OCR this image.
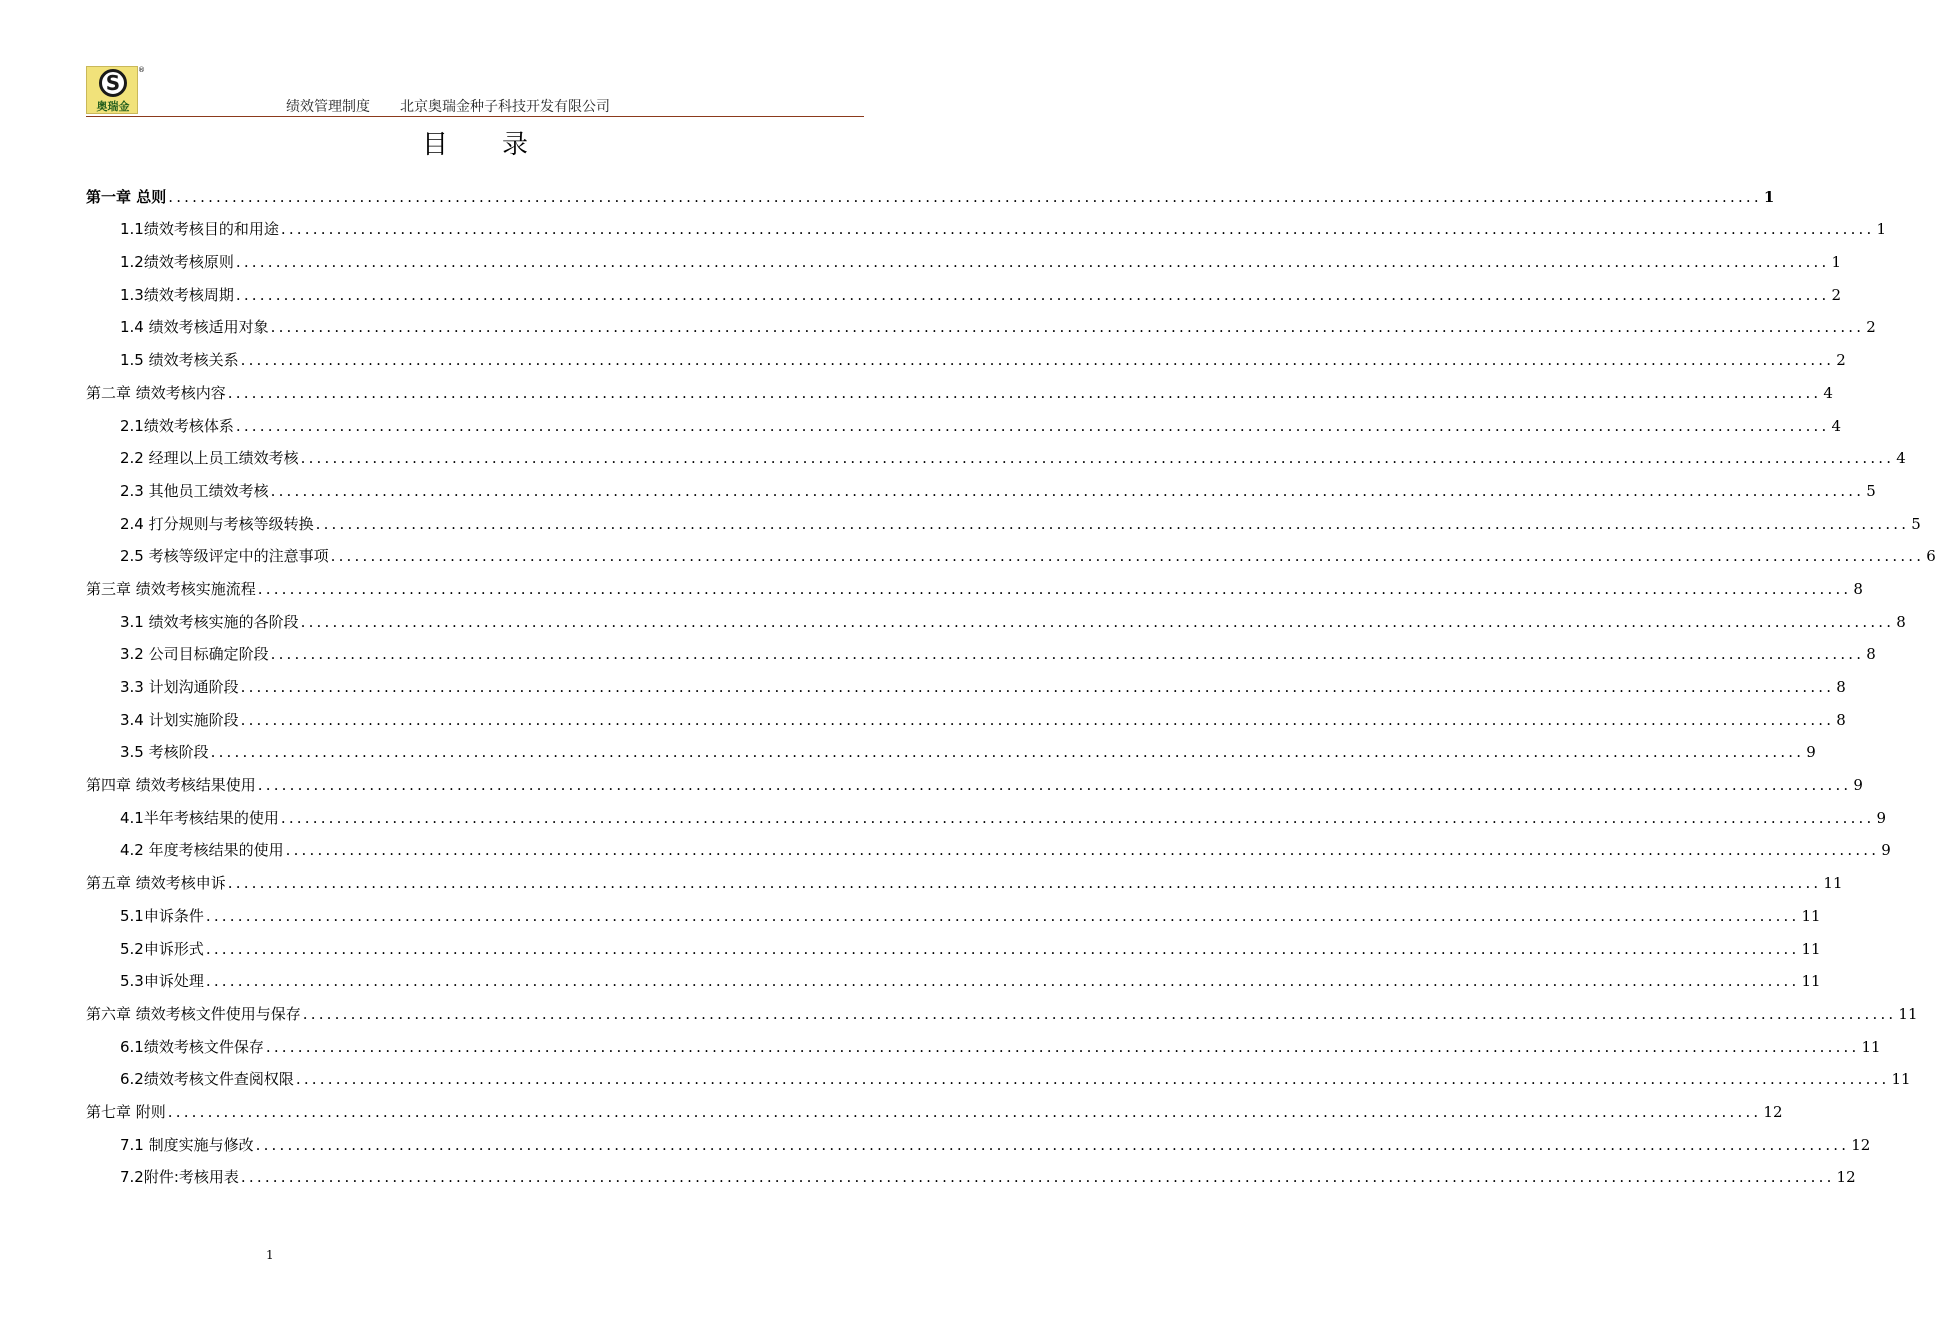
S
奥瑞金
®
绩效管理制度 北京奥瑞金种子科技开发有限公司
目录
第一章 总则 ........................................................................................................................................................................................................ 1
1.1绩效考核目的和用途 ........................................................................................................................................................................................................ 1
1.2绩效考核原则 ........................................................................................................................................................................................................ 1
1.3绩效考核周期 ........................................................................................................................................................................................................ 2
1.4 绩效考核适用对象 ........................................................................................................................................................................................................ 2
1.5 绩效考核关系 ........................................................................................................................................................................................................ 2
第二章 绩效考核内容 ........................................................................................................................................................................................................ 4
2.1绩效考核体系 ........................................................................................................................................................................................................ 4
2.2 经理以上员工绩效考核 ........................................................................................................................................................................................................ 4
2.3 其他员工绩效考核 ........................................................................................................................................................................................................ 5
2.4 打分规则与考核等级转换 ........................................................................................................................................................................................................ 5
2.5 考核等级评定中的注意事项 ........................................................................................................................................................................................................ 6
第三章 绩效考核实施流程 ........................................................................................................................................................................................................ 8
3.1 绩效考核实施的各阶段 ........................................................................................................................................................................................................ 8
3.2 公司目标确定阶段 ........................................................................................................................................................................................................ 8
3.3 计划沟通阶段 ........................................................................................................................................................................................................ 8
3.4 计划实施阶段 ........................................................................................................................................................................................................ 8
3.5 考核阶段 ........................................................................................................................................................................................................ 9
第四章 绩效考核结果使用 ........................................................................................................................................................................................................ 9
4.1半年考核结果的使用 ........................................................................................................................................................................................................ 9
4.2 年度考核结果的使用 ........................................................................................................................................................................................................ 9
第五章 绩效考核申诉 ........................................................................................................................................................................................................ 11
5.1申诉条件 ........................................................................................................................................................................................................ 11
5.2申诉形式 ........................................................................................................................................................................................................ 11
5.3申诉处理 ........................................................................................................................................................................................................ 11
第六章 绩效考核文件使用与保存 ........................................................................................................................................................................................................ 11
6.1绩效考核文件保存 ........................................................................................................................................................................................................ 11
6.2绩效考核文件查阅权限 ........................................................................................................................................................................................................ 11
第七章 附则 ........................................................................................................................................................................................................ 12
7.1 制度实施与修改 ........................................................................................................................................................................................................ 12
7.2附件:考核用表 ........................................................................................................................................................................................................ 12
1
